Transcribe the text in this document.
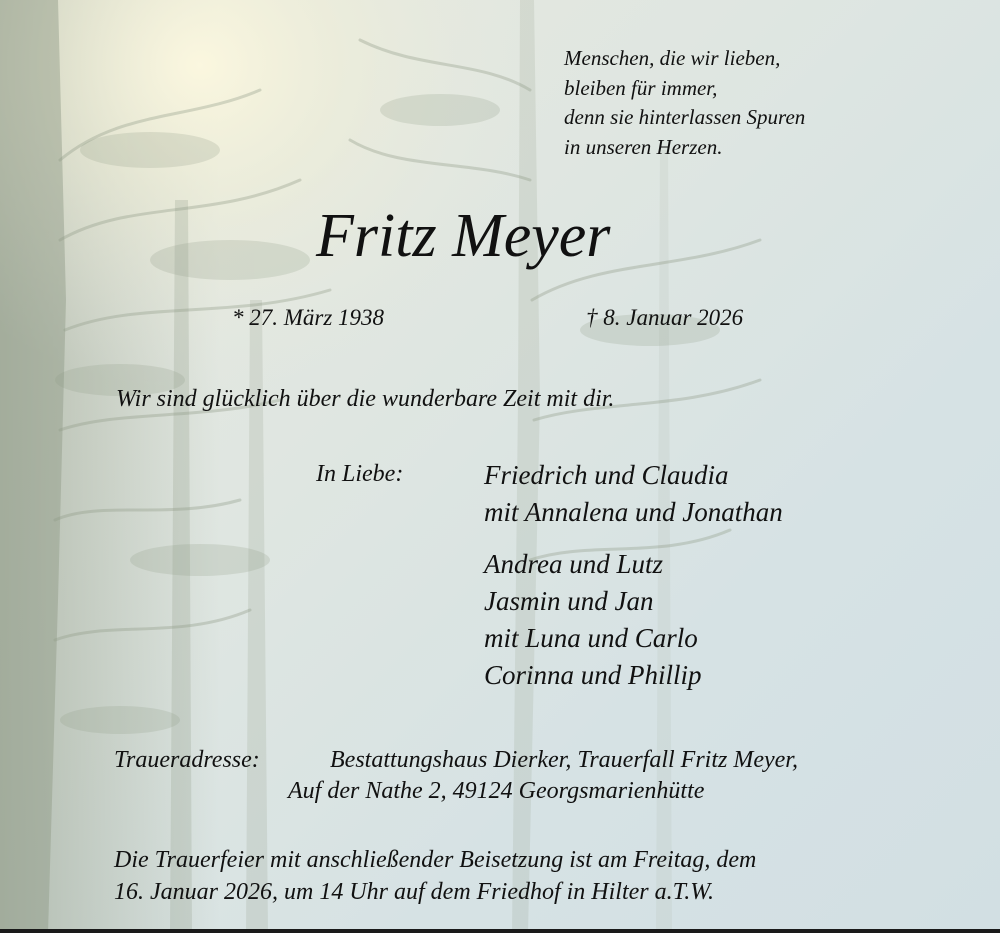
Menschen, die wir lieben,
bleiben für immer,
denn sie hinterlassen Spuren
in unseren Herzen.
Fritz Meyer
* 27. März 1938	† 8. Januar 2026
Wir sind glücklich über die wunderbare Zeit mit dir.
In Liebe:	Friedrich und Claudia
mit Annalena und Jonathan
Andrea und Lutz
Jasmin und Jan
mit Luna und Carlo
Corinna und Phillip
Traueradresse:	Bestattungshaus Dierker, Trauerfall Fritz Meyer,
Auf der Nathe 2, 49124 Georgsmarienhütte
Die Trauerfeier mit anschließender Beisetzung ist am Freitag, dem
16. Januar 2026, um 14 Uhr auf dem Friedhof in Hilter a.T.W.
